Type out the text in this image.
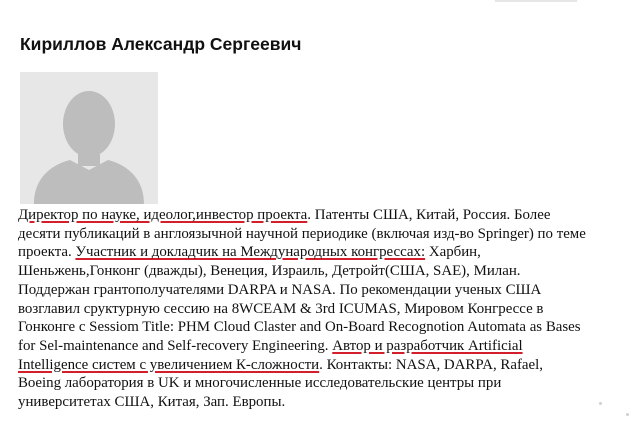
Кириллов Александр Сергеевич
Директор по науке, идеолог,инвестор проекта. Патенты США, Китай, Россия. Более
десяти публикаций в англоязычной научной периодике (включая изд-во Springer) по теме
проекта. Участник и докладчик на Международных конгрессах: Харбин,
Шеньжень,Гонконг (дважды), Венеция, Израиль, Детройт(США, SAE), Милан.
Поддержан грантополучателями DARPA и NASA. По рекомендации ученых США
возглавил сруктурную сессию на 8WCEAM & 3rd ICUMAS, Мировом Конгрессе в
Гонконге с Sessiom Title: PHM Cloud Claster and On-Board Recognotion Automata as Bases
for Sel-maintenance and Self-recovery Engineering. Автор и разработчик Artificial
Intelligence систем с увеличением К-сложности. Контакты: NASA, DARPA, Rafael,
Boeing лаборатория в UK и многочисленные исследовательские центры при
университетах США, Китая, Зап. Европы.
